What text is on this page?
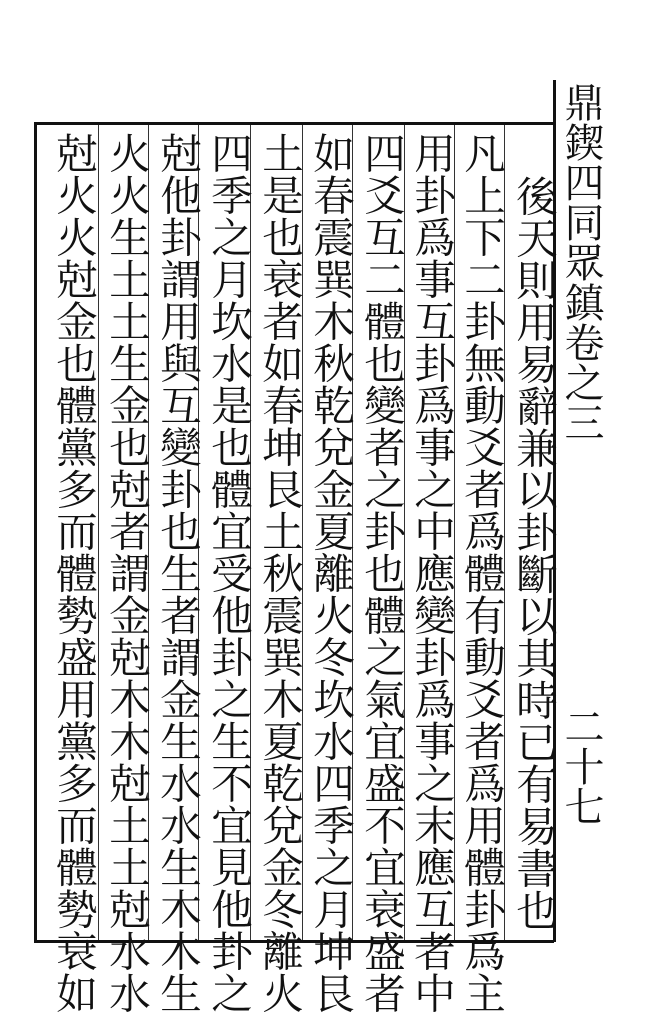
鼎鍥四同眾鎮卷之三
二十七
後天則用易辭兼以卦斷以其時已有易書也
凡上下二卦無動爻者爲體有動爻者爲用體卦爲主
用卦爲事互卦爲事之中應變卦爲事之末應互者中
四爻互二體也變者之卦也體之氣宜盛不宜衰盛者
如春震巽木秋乾兌金夏離火冬坎水四季之月坤艮
土是也衰者如春坤艮土秋震巽木夏乾兌金冬離火
四季之月坎水是也體宜受他卦之生不宜見他卦之
尅他卦謂用與互變卦也生者謂金生水水生木木生
火火生土土生金也尅者謂金尅木木尅土土尅水水
尅火火尅金也體黨多而體勢盛用黨多而體勢衰如
